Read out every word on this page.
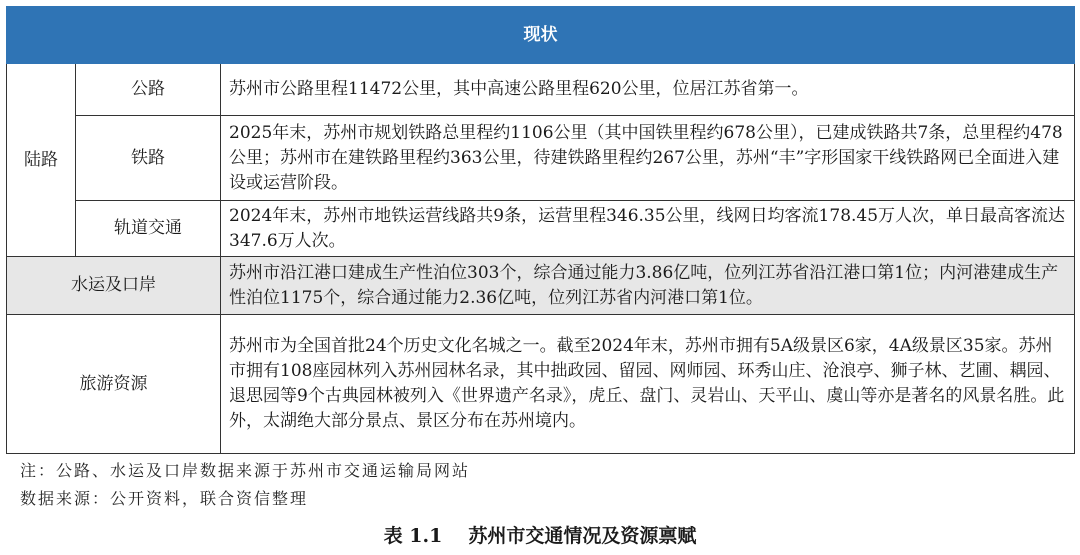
现状		
陆路	公路	苏州市公路里程11472公里，其中高速公路里程620公里，位居江苏省第一。
	铁路	2025年末，苏州市规划铁路总里程约1106公里（其中国铁里程约678公里），已建成铁路共7条，总里程约478公里；苏州市在建铁路里程约363公里，待建铁路里程约267公里，苏州“丰”字形国家干线铁路网已全面进入建设或运营阶段。
	轨道交通	2024年末，苏州市地铁运营线路共9条，运营里程346.35公里，线网日均客流178.45万人次，单日最高客流达347.6万人次。
水运及口岸		苏州市沿江港口建成生产性泊位303个，综合通过能力3.86亿吨，位列江苏省沿江港口第1位；内河港建成生产性泊位1175个，综合通过能力2.36亿吨，位列江苏省内河港口第1位。
旅游资源		苏州市为全国首批24个历史文化名城之一。截至2024年末，苏州市拥有5A级景区6家，4A级景区35家。苏州市拥有108座园林列入苏州园林名录，其中拙政园、留园、网师园、环秀山庄、沧浪亭、狮子林、艺圃、耦园、退思园等9个古典园林被列入《世界遗产名录》，虎丘、盘门、灵岩山、天平山、虞山等亦是著名的风景名胜。此外，太湖绝大部分景点、景区分布在苏州境内。
注：公路、水运及口岸数据来源于苏州市交通运输局网站
数据来源：公开资料，联合资信整理
表 1.1 苏州市交通情况及资源禀赋
